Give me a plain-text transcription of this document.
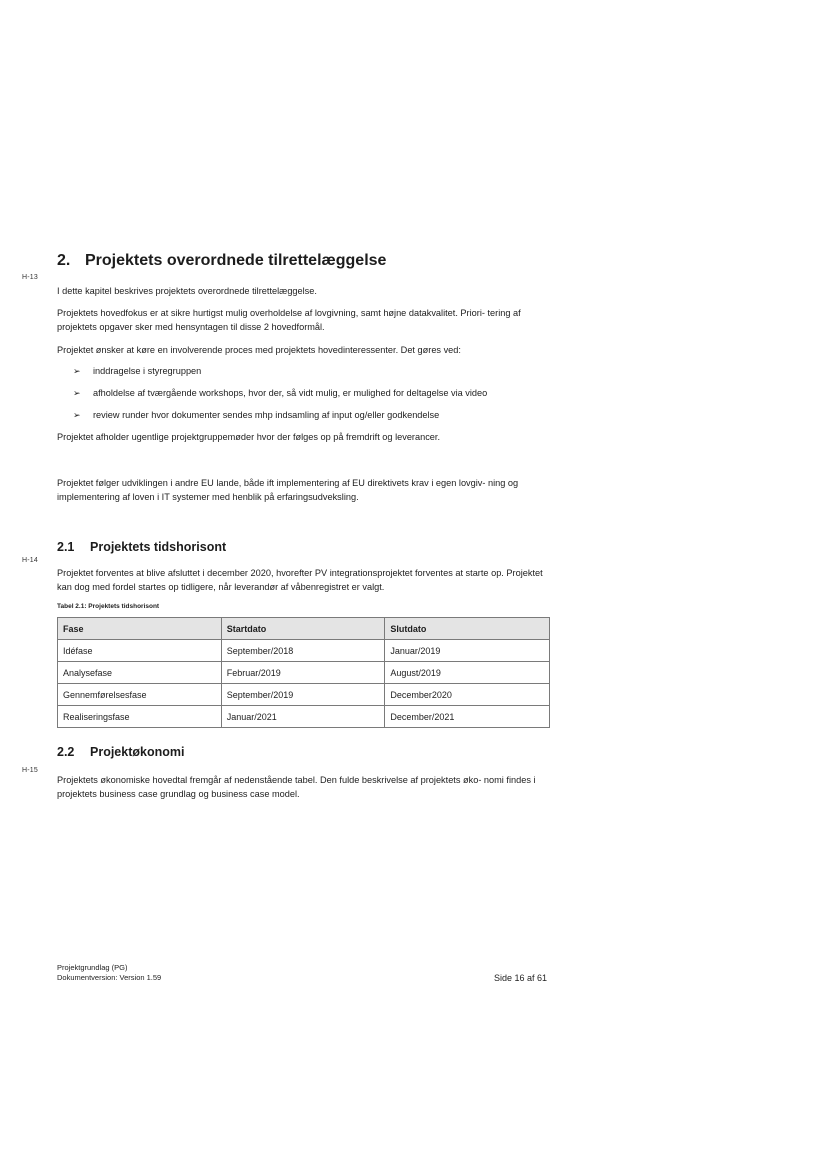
H-13
2. Projektets overordnede tilrettelæggelse

I dette kapitel beskrives projektets overordnede tilrettelæggelse.

Projektets hovedfokus er at sikre hurtigst mulig overholdelse af lovgivning, samt højne datakvalitet. Priori- tering af projektets opgaver sker med hensyntagen til disse 2 hovedformål.

Projektet ønsker at køre en involverende proces med projektets hovedinteressenter. Det gøres ved:

➢ inddragelse i styregruppen
➢ afholdelse af tværgående workshops, hvor der, så vidt mulig, er mulighed for deltagelse via video
➢ review runder hvor dokumenter sendes mhp indsamling af input og/eller godkendelse

Projektet afholder ugentlige projektgruppemøder hvor der følges op på fremdrift og leverancer.

Projektet følger udviklingen i andre EU lande, både ift implementering af EU direktivets krav i egen lovgiv- ning og implementering af loven i IT systemer med henblik på erfaringsudveksling.

2.1 Projektets tidshorisont
H-14

Projektet forventes at blive afsluttet i december 2020, hvorefter PV integrationsprojektet forventes at starte op. Projektet kan dog med fordel startes op tidligere, når leverandør af våbenregistret er valgt.

Tabel 2.1: Projektets tidshorisont
Fase	Startdato	Slutdato
Idéfase	September/2018	Januar/2019
Analysefase	Februar/2019	August/2019
Gennemførelsesfase	September/2019	December2020
Realiseringsfase	Januar/2021	December/2021
2.2 Projektøkonomi
H-15

Projektets økonomiske hovedtal fremgår af nedenstående tabel. Den fulde beskrivelse af projektets øko- nomi findes i projektets business case grundlag og business case model.

Projektgrundlag (PG)
Dokumentversion: Version 1.59	Side 16 af 61
